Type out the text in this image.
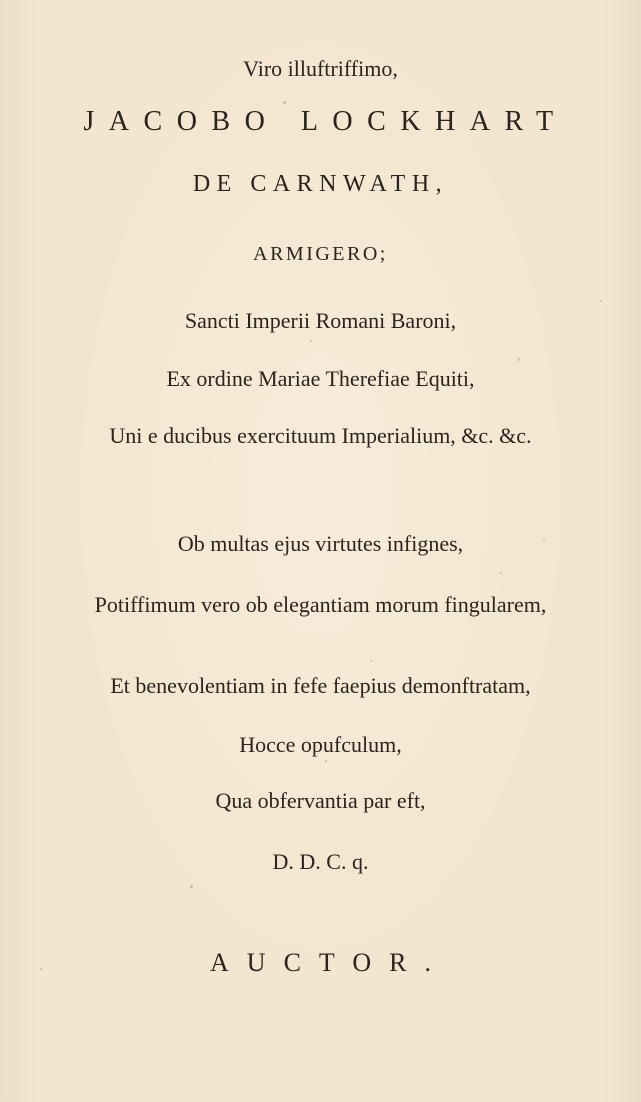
Viro illuftriffimo,
JACOBO LOCKHART
DE CARNWATH,
ARMIGERO;
Sancti Imperii Romani Baroni,
Ex ordine Mariae Therefiae Equiti,
Uni e ducibus exercituum Imperialium, &c. &c.
Ob multas ejus virtutes infignes,
Potiffimum vero ob elegantiam morum fingularem,
Et benevolentiam in fefe faepius demonftratam,
Hocce opufculum,
Qua obfervantia par eft,
D. D. C. q.
AUCTOR.
